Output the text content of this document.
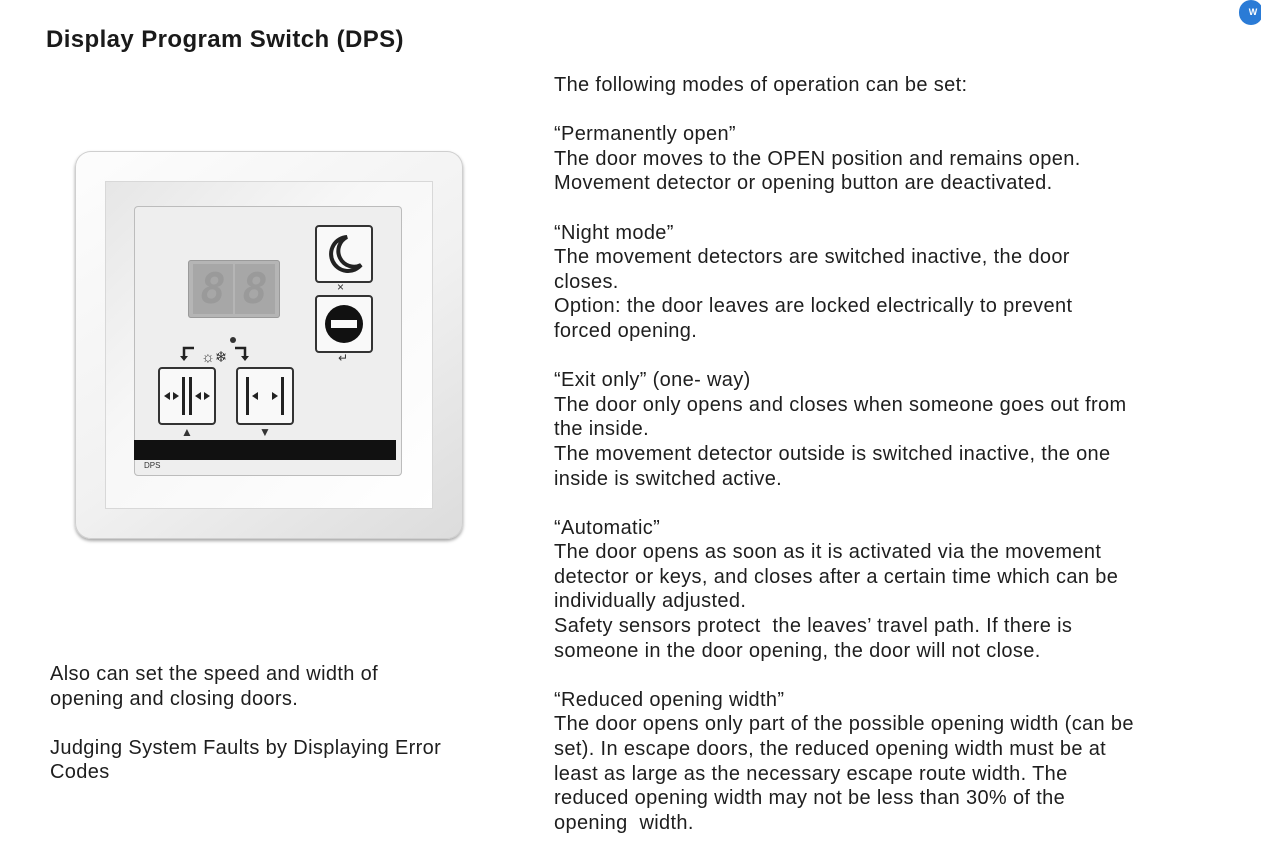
Display Program Switch (DPS)
W
8 8
☼❄
×
↵
▲	▼
DPS
Also can set the speed and width of
opening and closing doors.
Judging System Faults by Displaying Error
Codes

The following modes of operation can be set:

“Permanently open”
The door moves to the OPEN position and remains open.
Movement detector or opening button are deactivated.

“Night mode”
The movement detectors are switched inactive, the door
closes.
Option: the door leaves are locked electrically to prevent
forced opening.

“Exit only” (one- way)
The door only opens and closes when someone goes out from
the inside.
The movement detector outside is switched inactive, the one
inside is switched active.

“Automatic”
The door opens as soon as it is activated via the movement
detector or keys, and closes after a certain time which can be
individually adjusted.
Safety sensors protect  the leaves’ travel path. If there is
someone in the door opening, the door will not close.

“Reduced opening width”
The door opens only part of the possible opening width (can be
set). In escape doors, the reduced opening width must be at
least as large as the necessary escape route width. The
reduced opening width may not be less than 30% of the
opening  width.
